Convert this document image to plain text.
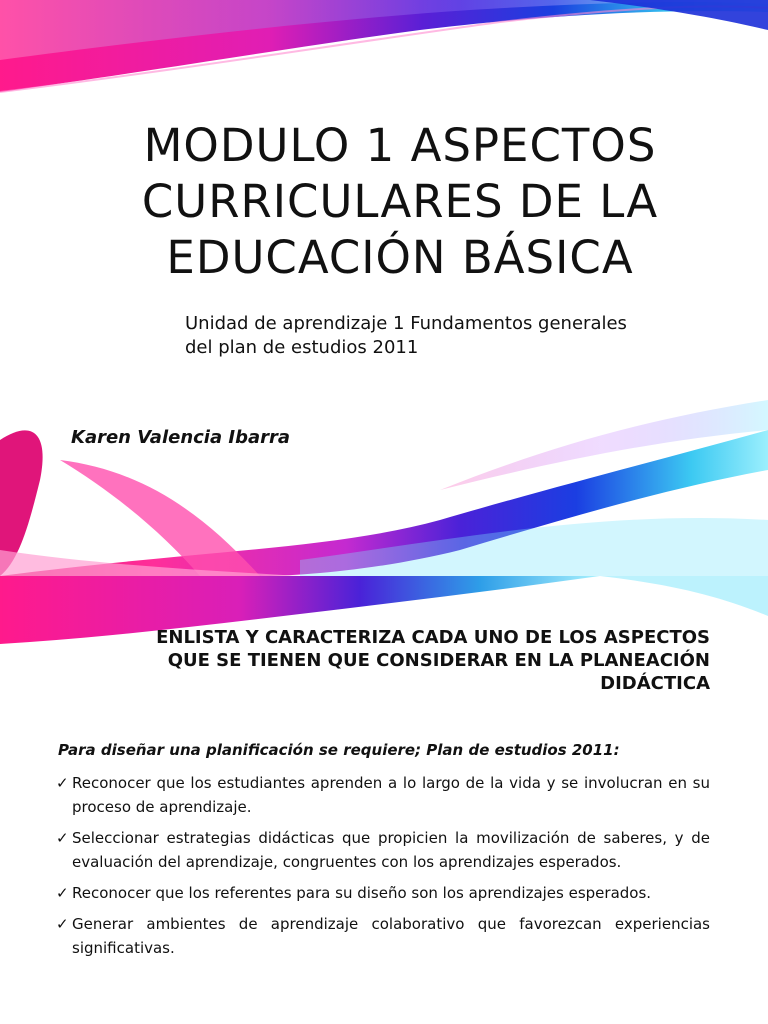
MODULO 1 ASPECTOS CURRICULARES DE LA EDUCACIÓN BÁSICA

Unidad de aprendizaje 1 Fundamentos generales del plan de estudios 2011

Karen Valencia Ibarra

ENLISTA Y CARACTERIZA CADA UNO DE LOS ASPECTOS QUE SE TIENEN QUE CONSIDERAR EN LA PLANEACIÓN DIDÁCTICA

Para diseñar una planificación se requiere; Plan de estudios 2011:

✓ Reconocer que los estudiantes aprenden a lo largo de la vida y se involucran en su proceso de aprendizaje.
✓ Seleccionar estrategias didácticas que propicien la movilización de saberes, y de evaluación del aprendizaje, congruentes con los aprendizajes esperados.
✓ Reconocer que los referentes para su diseño son los aprendizajes esperados.
✓ Generar ambientes de aprendizaje colaborativo que favorezcan experiencias significativas.
